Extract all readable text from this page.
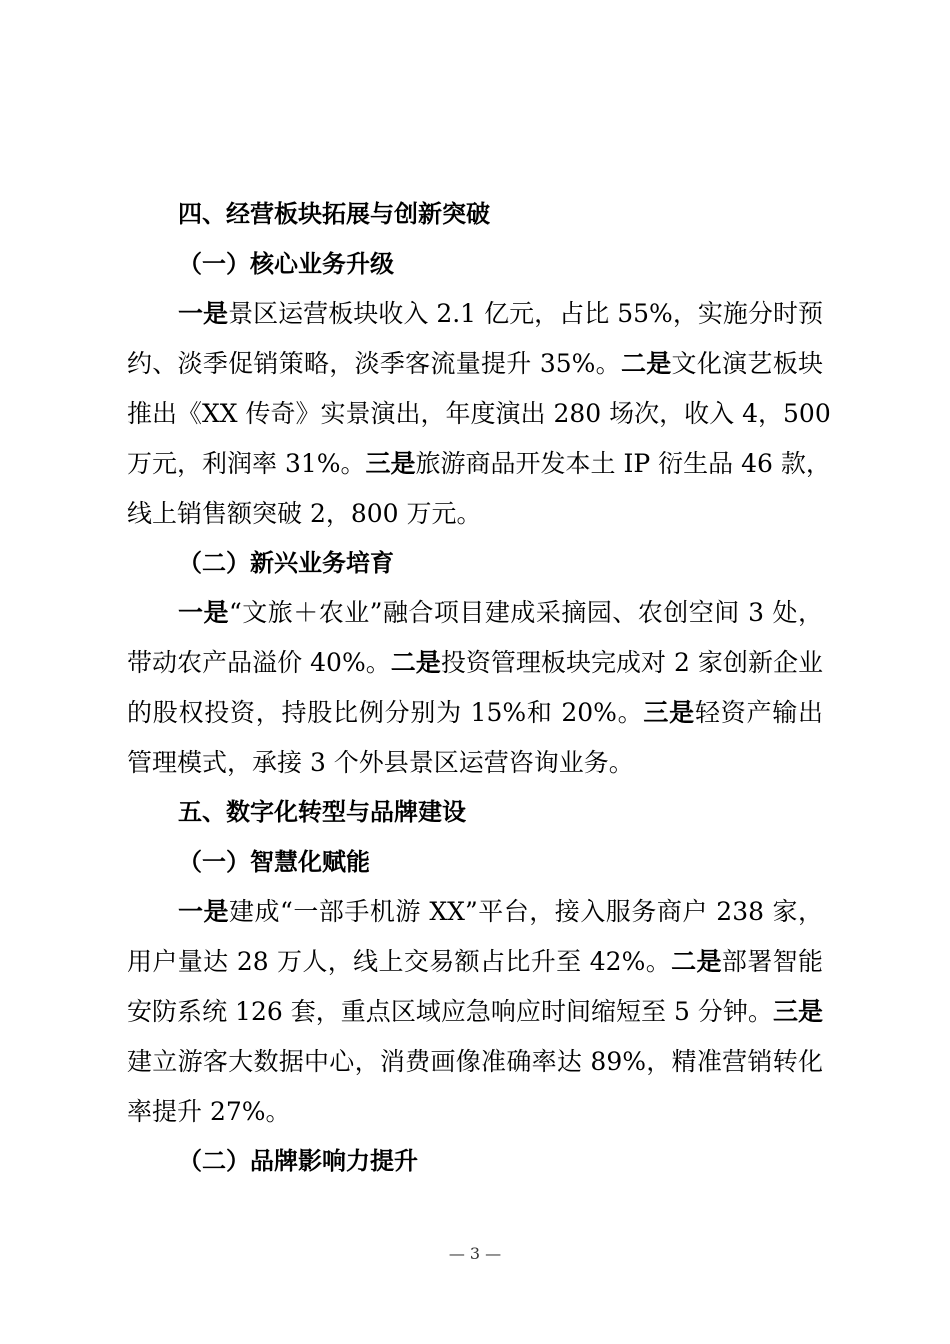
四、经营板块拓展与创新突破
（一）核心业务升级
一是景区运营板块收入 2.1 亿元，占比 55%，实施分时预
约、淡季促销策略，淡季客流量提升 35%。二是文化演艺板块
推出《XX 传奇》实景演出，年度演出 280 场次，收入 4，500
万元，利润率 31%。三是旅游商品开发本土 IP 衍生品 46 款，
线上销售额突破 2，800 万元。
（二）新兴业务培育
一是“文旅＋农业”融合项目建成采摘园、农创空间 3 处，
带动农产品溢价 40%。二是投资管理板块完成对 2 家创新企业
的股权投资，持股比例分别为 15%和 20%。三是轻资产输出
管理模式，承接 3 个外县景区运营咨询业务。
五、数字化转型与品牌建设
（一）智慧化赋能
一是建成“一部手机游 XX”平台，接入服务商户 238 家，
用户量达 28 万人，线上交易额占比升至 42%。二是部署智能
安防系统 126 套，重点区域应急响应时间缩短至 5 分钟。三是
建立游客大数据中心，消费画像准确率达 89%，精准营销转化
率提升 27%。
（二）品牌影响力提升
— 3 —
